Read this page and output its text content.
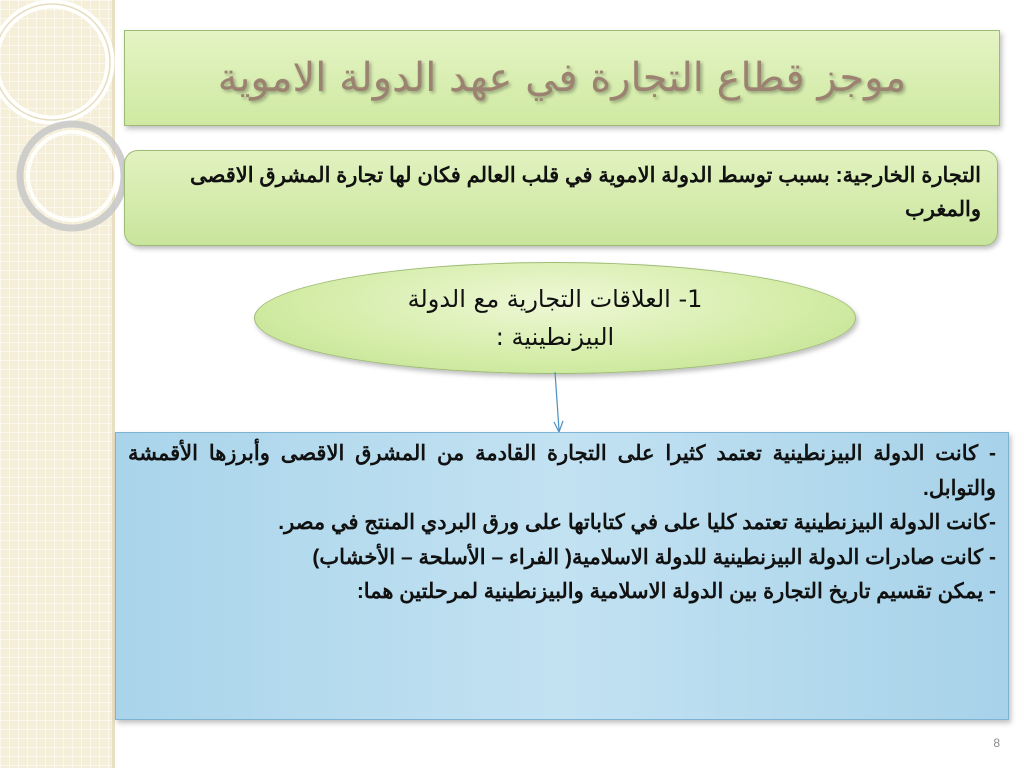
موجز قطاع التجارة في عهد الدولة الاموية
التجارة الخارجية: بسبب توسط الدولة الاموية في قلب العالم فكان لها تجارة المشرق الاقصى والمغرب
1- العلاقات التجارية مع الدولة البيزنطينية :

- كانت الدولة البيزنطينية تعتمد كثيرا على التجارة القادمة من المشرق الاقصى وأبرزها الأقمشة والتوابل.

-كانت الدولة البيزنطينية تعتمد كليا على في كتاباتها على ورق البردي المنتج في مصر.

- كانت صادرات الدولة البيزنطينية للدولة الاسلامية( الفراء – الأسلحة – الأخشاب)

- يمكن تقسيم تاريخ التجارة بين الدولة الاسلامية والبيزنطينية لمرحلتين هما:

8
